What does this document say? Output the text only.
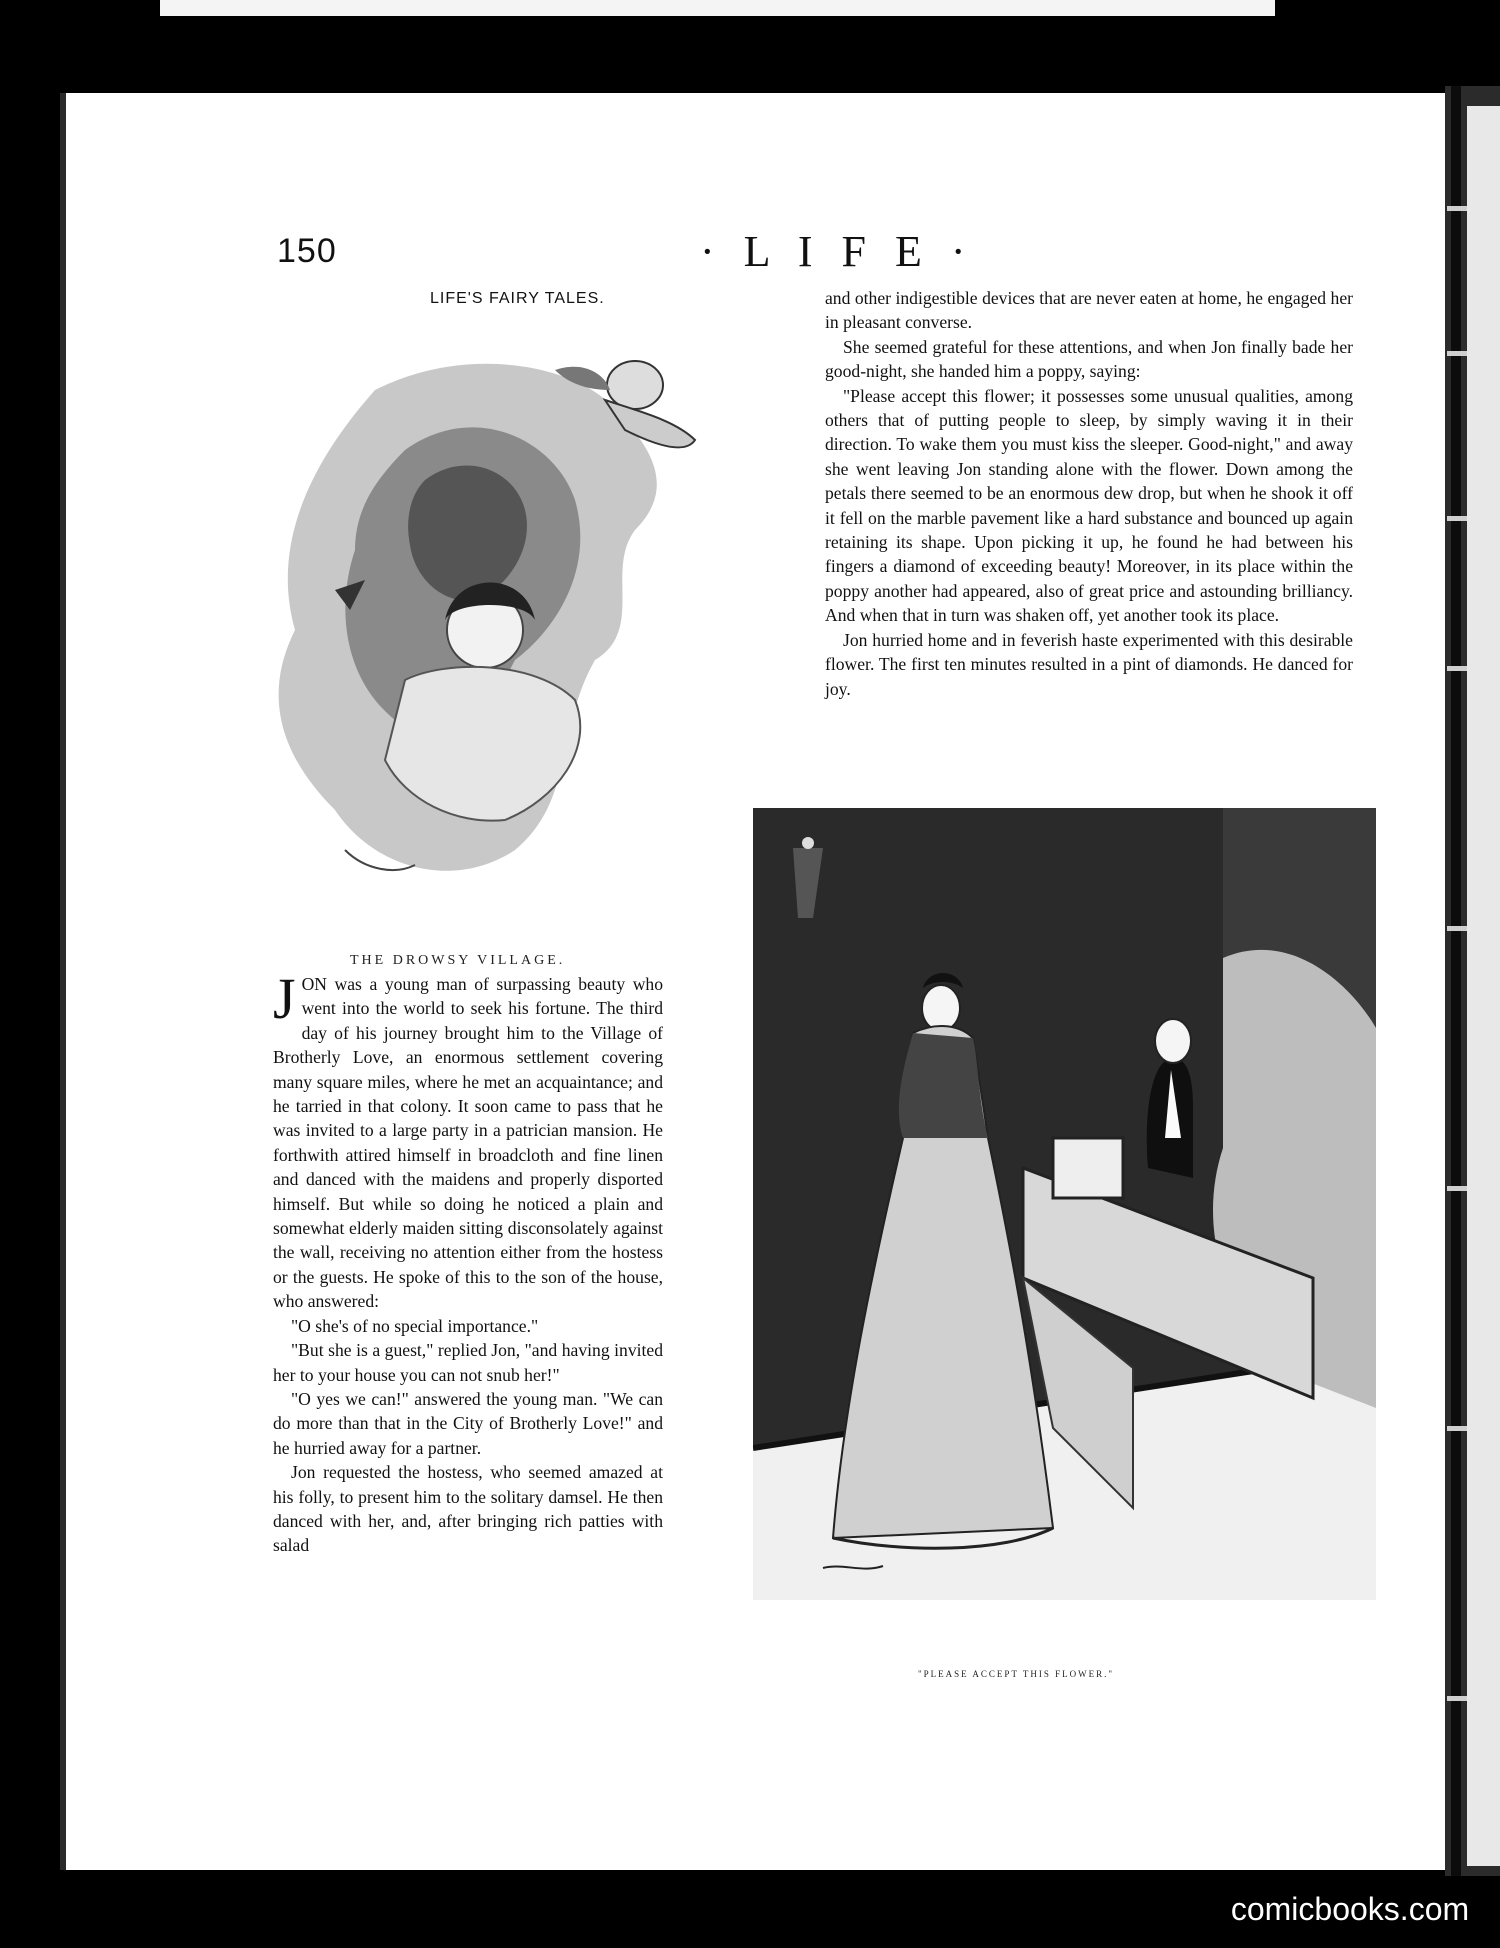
150	· L I F E ·
LIFE'S FAIRY TALES.
THE DROWSY VILLAGE.

JON was a young man of surpassing beauty who went into the world to seek his fortune. The third day of his journey brought him to the Village of Brotherly Love, an enormous settlement covering many square miles, where he met an acquaintance; and he tarried in that colony. It soon came to pass that he was invited to a large party in a patrician mansion. He forthwith attired himself in broadcloth and fine linen and danced with the maidens and properly disported himself. But while so doing he noticed a plain and somewhat elderly maiden sitting disconsolately against the wall, receiving no attention either from the hostess or the guests. He spoke of this to the son of the house, who answered:

"O she's of no special importance."

"But she is a guest," replied Jon, "and having invited her to your house you can not snub her!"

"O yes we can!" answered the young man. "We can do more than that in the City of Brotherly Love!" and he hurried away for a partner.

Jon requested the hostess, who seemed amazed at his folly, to present him to the solitary damsel. He then danced with her, and, after bringing rich patties with salad

and other indigestible devices that are never eaten at home, he engaged her in pleasant converse.

She seemed grateful for these attentions, and when Jon finally bade her good-night, she handed him a poppy, saying:

"Please accept this flower; it possesses some unusual qualities, among others that of putting people to sleep, by simply waving it in their direction. To wake them you must kiss the sleeper. Good-night," and away she went leaving Jon standing alone with the flower. Down among the petals there seemed to be an enormous dew drop, but when he shook it off it fell on the marble pavement like a hard substance and bounced up again retaining its shape. Upon picking it up, he found he had between his fingers a diamond of exceeding beauty! Moreover, in its place within the poppy another had appeared, also of great price and astounding brilliancy. And when that in turn was shaken off, yet another took its place.

Jon hurried home and in feverish haste experimented with this desirable flower. The first ten minutes resulted in a pint of diamonds. He danced for joy.

"PLEASE ACCEPT THIS FLOWER."
comicbooks.com
